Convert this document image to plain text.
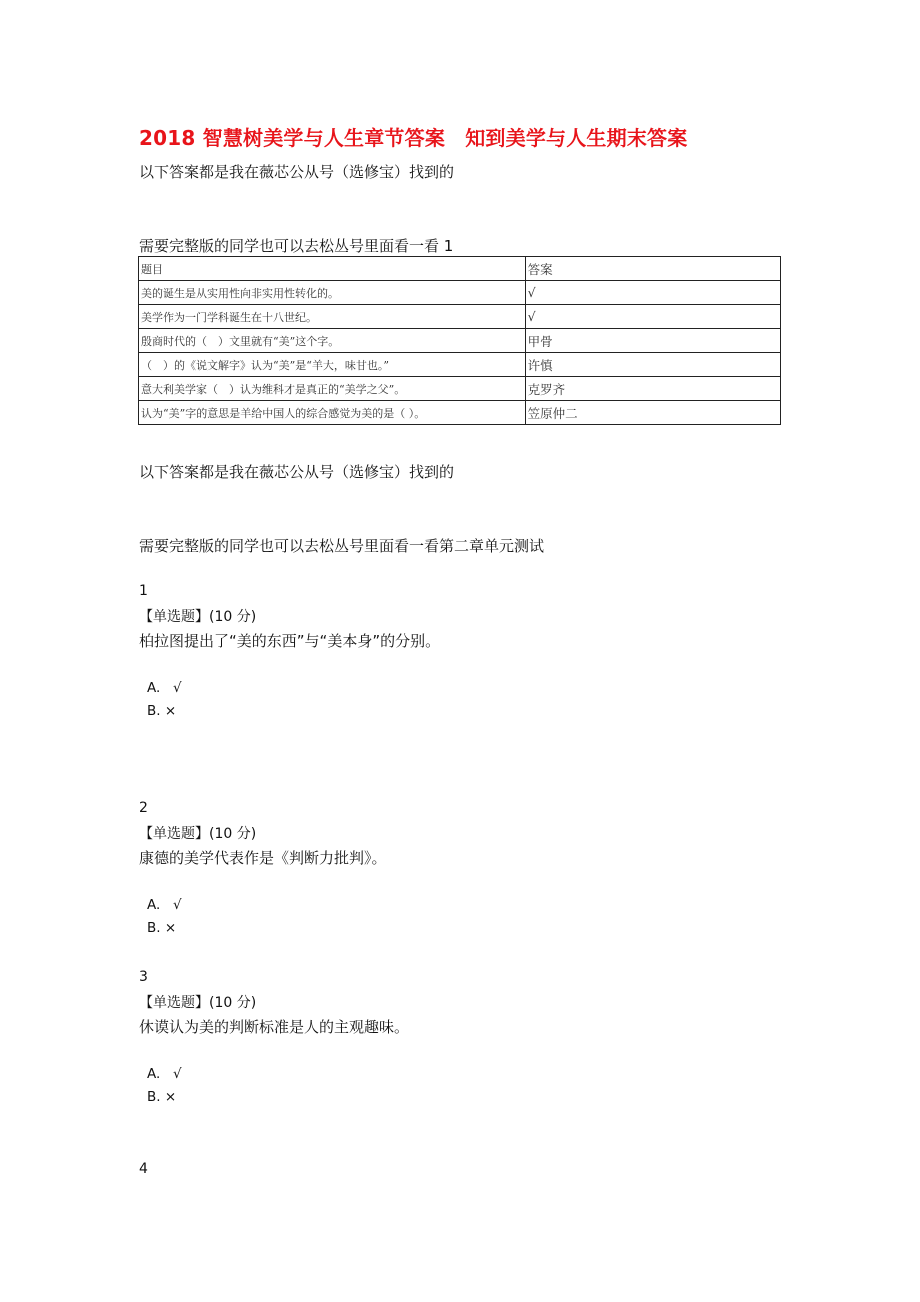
2018 智慧树美学与人生章节答案　知到美学与人生期末答案
以下答案都是我在薇芯公从号（选修宝）找到的
需要完整版的同学也可以去松丛号里面看一看 1
题目	答案
美的诞生是从实用性向非实用性转化的。	√
美学作为一门学科诞生在十八世纪。	√
殷商时代的（　）文里就有“美”这个字。	甲骨
（　）的《说文解字》认为“美”是“羊大，味甘也。”	许慎
意大利美学家（　）认为维科才是真正的“美学之父”。	克罗齐
认为“美”字的意思是羊给中国人的综合感觉为美的是（ ）。	笠原仲二
以下答案都是我在薇芯公从号（选修宝）找到的
需要完整版的同学也可以去松丛号里面看一看第二章单元测试
1
【单选题】(10 分)
柏拉图提出了“美的东西”与“美本身”的分别。
A. √
B. ×
2
【单选题】(10 分)
康德的美学代表作是《判断力批判》。
A. √
B. ×
3
【单选题】(10 分)
休谟认为美的判断标准是人的主观趣味。
A. √
B. ×
4
